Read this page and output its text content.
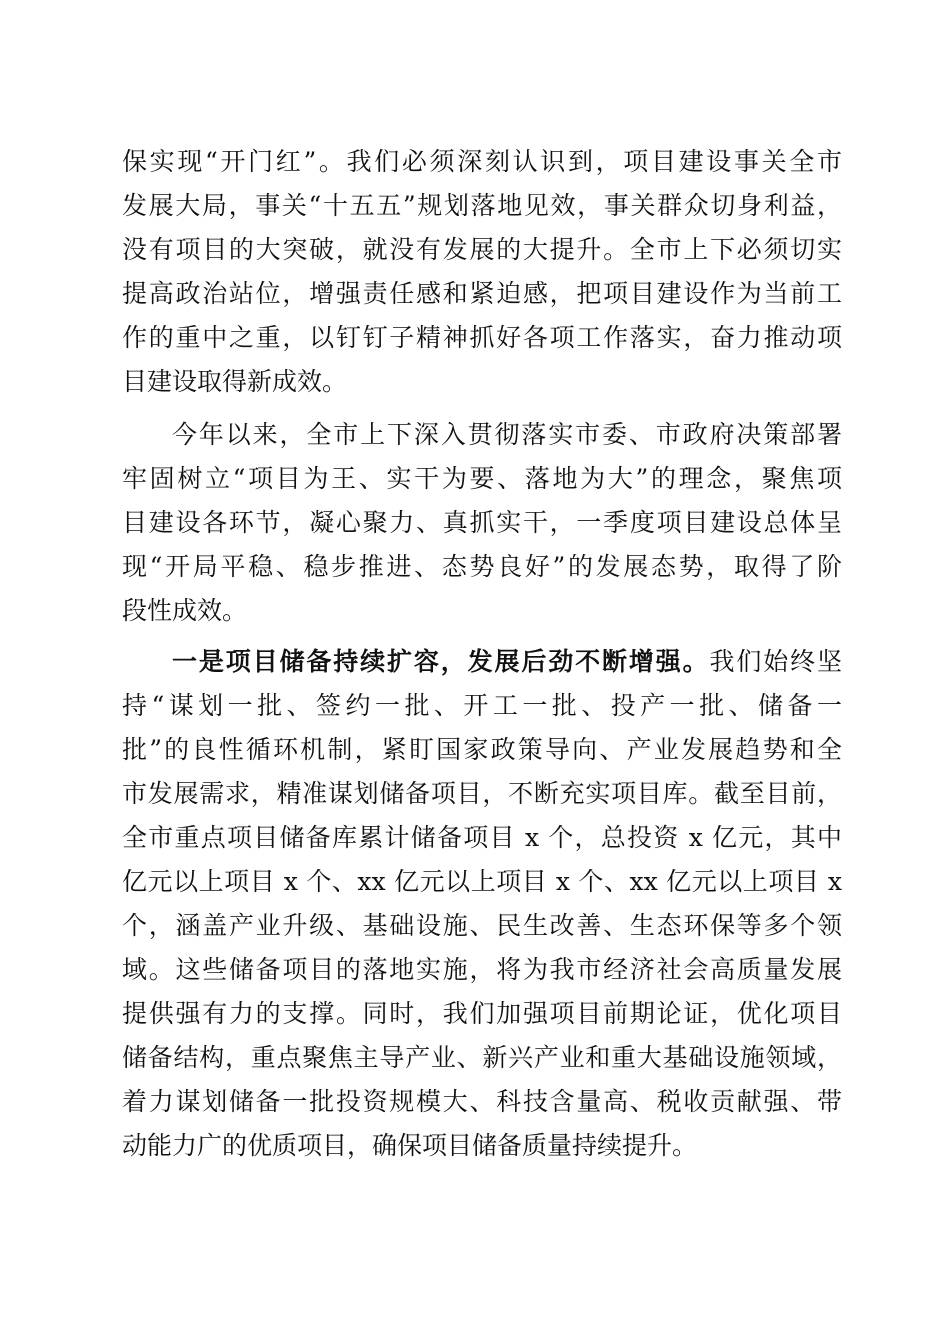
保实现“开门红”。我们必须深刻认识到，项目建设事关全市
发展大局，事关“十五五”规划落地见效，事关群众切身利益，
没有项目的大突破，就没有发展的大提升。全市上下必须切实
提高政治站位，增强责任感和紧迫感，把项目建设作为当前工
作的重中之重，以钉钉子精神抓好各项工作落实，奋力推动项
目建设取得新成效。
今年以来，全市上下深入贯彻落实市委、市政府决策部署
牢固树立“项目为王、实干为要、落地为大”的理念，聚焦项
目建设各环节，凝心聚力、真抓实干，一季度项目建设总体呈
现“开局平稳、稳步推进、态势良好”的发展态势，取得了阶
段性成效。
一是项目储备持续扩容，发展后劲不断增强。我们始终坚
持“谋划一批、签约一批、开工一批、投产一批、储备一
批”的良性循环机制，紧盯国家政策导向、产业发展趋势和全
市发展需求，精准谋划储备项目，不断充实项目库。截至目前，
全市重点项目储备库累计储备项目 x 个，总投资 x 亿元，其中
亿元以上项目 x 个、xx 亿元以上项目 x 个、xx 亿元以上项目 x
个，涵盖产业升级、基础设施、民生改善、生态环保等多个领
域。这些储备项目的落地实施，将为我市经济社会高质量发展
提供强有力的支撑。同时，我们加强项目前期论证，优化项目
储备结构，重点聚焦主导产业、新兴产业和重大基础设施领域，
着力谋划储备一批投资规模大、科技含量高、税收贡献强、带
动能力广的优质项目，确保项目储备质量持续提升。
